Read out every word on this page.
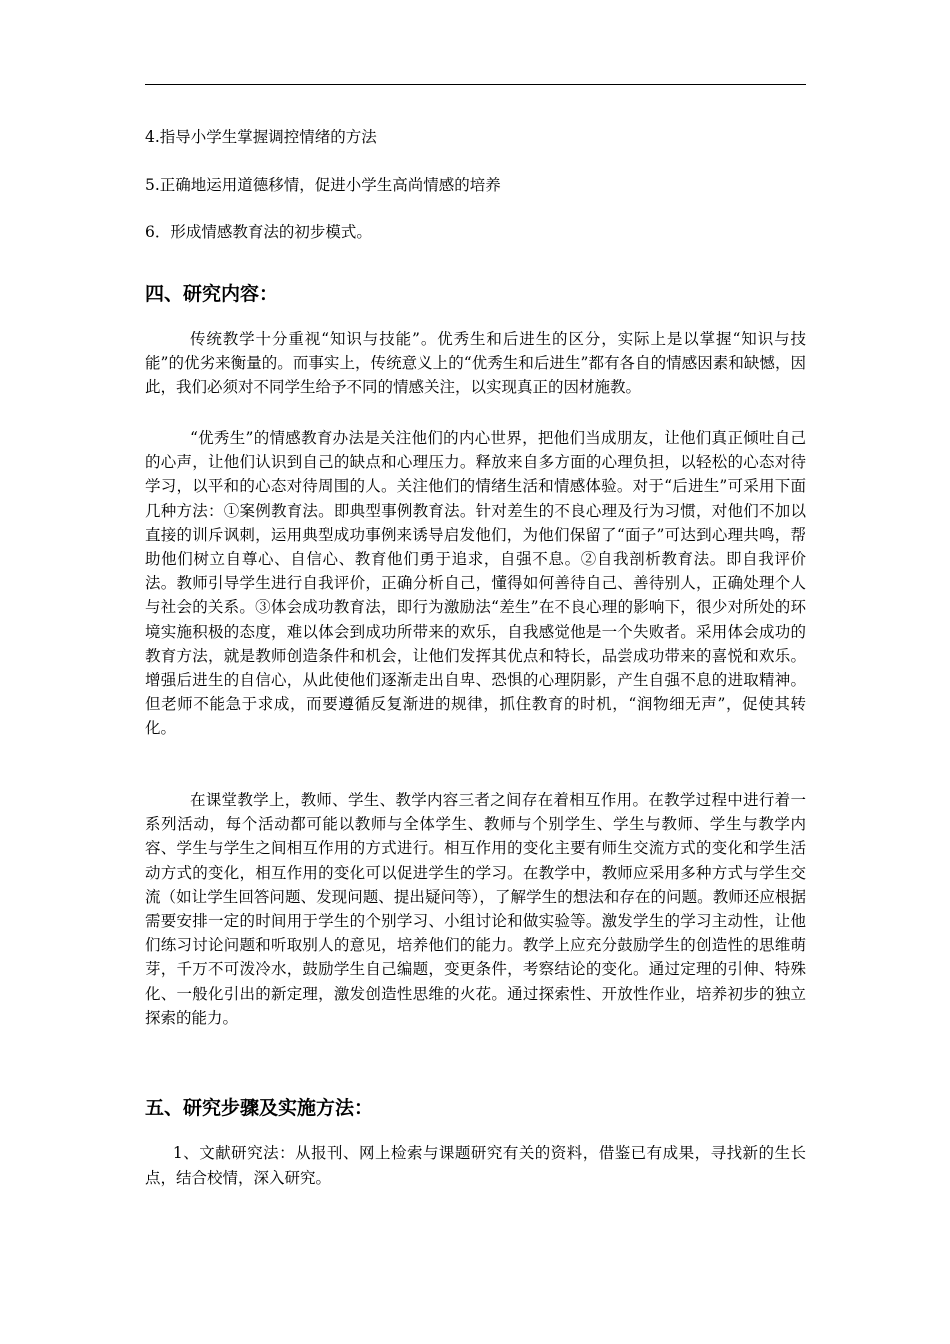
4.指导小学生掌握调控情绪的方法
5.正确地运用道德移情，促进小学生高尚情感的培养
6．形成情感教育法的初步模式。
四、研究内容：

传统教学十分重视“知识与技能”。优秀生和后进生的区分，实际上是以掌握“知识与技能”的优劣来衡量的。而事实上，传统意义上的“优秀生和后进生”都有各自的情感因素和缺憾，因此，我们必须对不同学生给予不同的情感关注，以实现真正的因材施教。

“优秀生”的情感教育办法是关注他们的内心世界，把他们当成朋友，让他们真正倾吐自己的心声，让他们认识到自己的缺点和心理压力。释放来自多方面的心理负担，以轻松的心态对待学习，以平和的心态对待周围的人。关注他们的情绪生活和情感体验。对于“后进生”可采用下面几种方法：①案例教育法。即典型事例教育法。针对差生的不良心理及行为习惯，对他们不加以直接的训斥讽刺，运用典型成功事例来诱导启发他们，为他们保留了“面子”可达到心理共鸣，帮助他们树立自尊心、自信心、教育他们勇于追求，自强不息。②自我剖析教育法。即自我评价法。教师引导学生进行自我评价，正确分析自己，懂得如何善待自己、善待别人，正确处理个人与社会的关系。③体会成功教育法，即行为激励法“差生”在不良心理的影响下，很少对所处的环境实施积极的态度，难以体会到成功所带来的欢乐，自我感觉他是一个失败者。采用体会成功的教育方法，就是教师创造条件和机会，让他们发挥其优点和特长，品尝成功带来的喜悦和欢乐。增强后进生的自信心，从此使他们逐渐走出自卑、恐惧的心理阴影，产生自强不息的进取精神。但老师不能急于求成，而要遵循反复渐进的规律，抓住教育的时机，“润物细无声”，促使其转化。

在课堂教学上，教师、学生、教学内容三者之间存在着相互作用。在教学过程中进行着一系列活动，每个活动都可能以教师与全体学生、教师与个别学生、学生与教师、学生与教学内容、学生与学生之间相互作用的方式进行。相互作用的变化主要有师生交流方式的变化和学生活动方式的变化，相互作用的变化可以促进学生的学习。在教学中，教师应采用多种方式与学生交流（如让学生回答问题、发现问题、提出疑问等），了解学生的想法和存在的问题。教师还应根据需要安排一定的时间用于学生的个别学习、小组讨论和做实验等。激发学生的学习主动性，让他们练习讨论问题和听取别人的意见，培养他们的能力。教学上应充分鼓励学生的创造性的思维萌芽，千万不可泼冷水，鼓励学生自己编题，变更条件，考察结论的变化。通过定理的引伸、特殊化、一般化引出的新定理，激发创造性思维的火花。通过探索性、开放性作业，培养初步的独立探索的能力。

五、研究步骤及实施方法：

1、文献研究法：从报刊、网上检索与课题研究有关的资料，借鉴已有成果，寻找新的生长点，结合校情，深入研究。
